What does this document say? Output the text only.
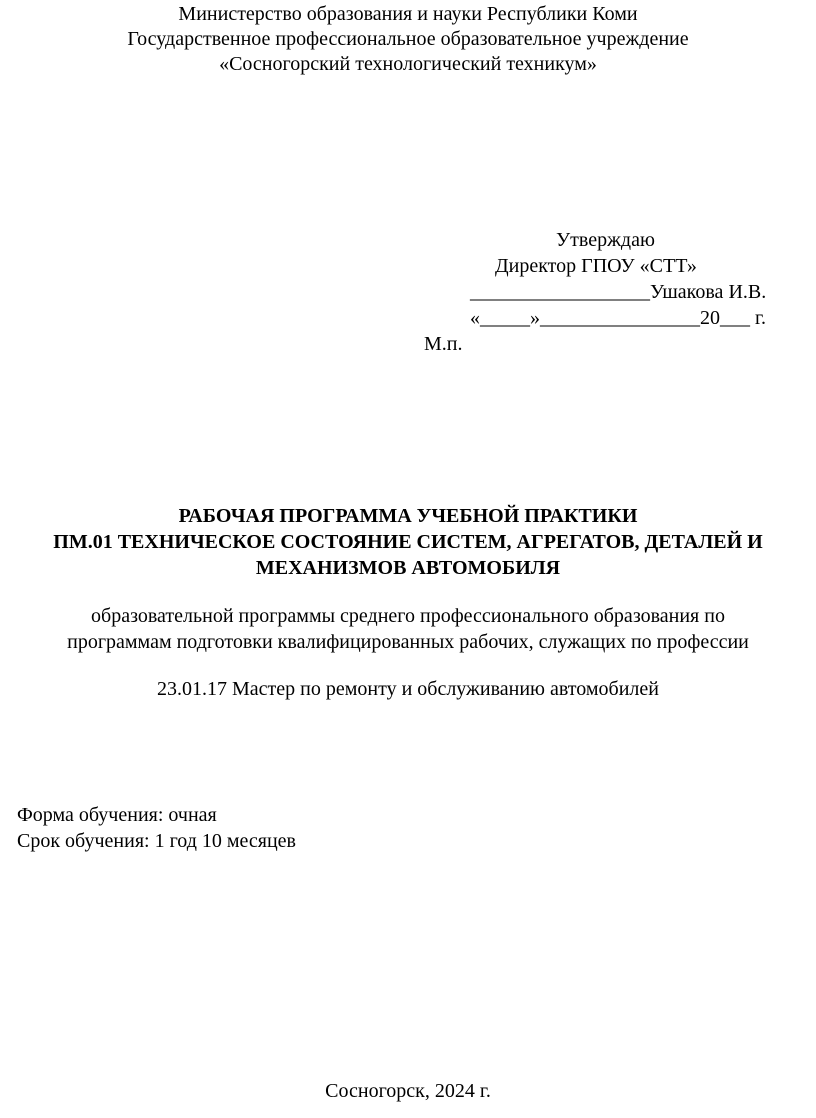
Министерство образования и науки Республики Коми
Государственное профессиональное образовательное учреждение
«Сосногорский технологический техникум»
Утверждаю
Директор ГПОУ «СТТ»
__________________Ушакова И.В.
«_____»________________20___ г.
М.п.
РАБОЧАЯ ПРОГРАММА УЧЕБНОЙ ПРАКТИКИ
ПМ.01 ТЕХНИЧЕСКОЕ СОСТОЯНИЕ СИСТЕМ, АГРЕГАТОВ, ДЕТАЛЕЙ И
МЕХАНИЗМОВ АВТОМОБИЛЯ
образовательной программы среднего профессионального образования по
программам подготовки квалифицированных рабочих, служащих по профессии
23.01.17 Мастер по ремонту и обслуживанию автомобилей
Форма обучения: очная
Срок обучения: 1 год 10 месяцев
Сосногорск, 2024 г.
